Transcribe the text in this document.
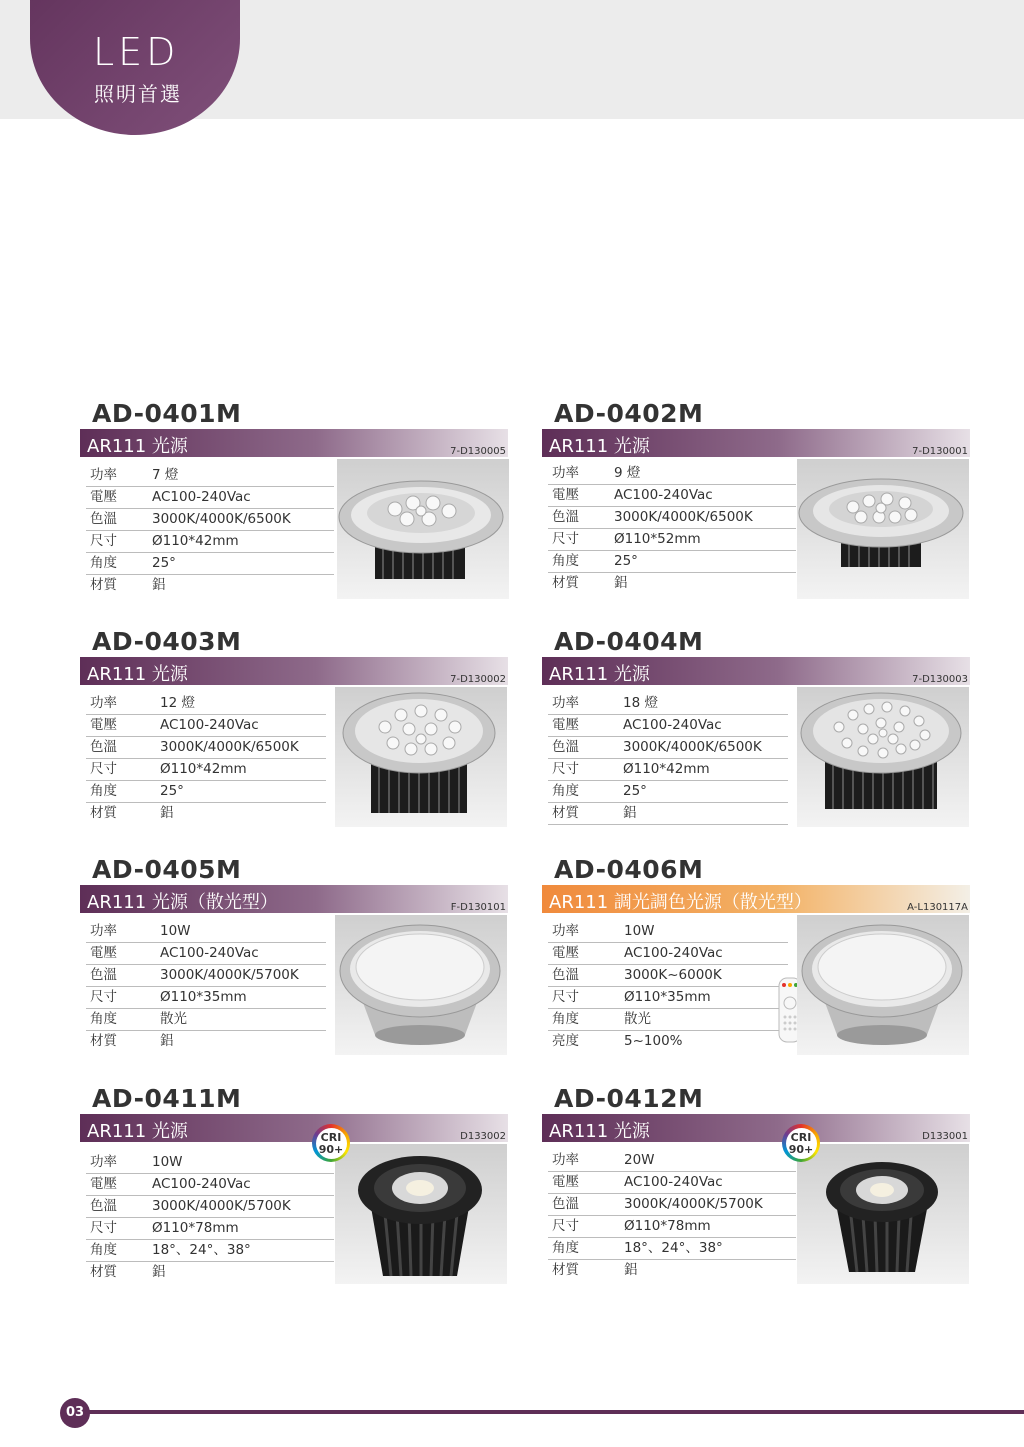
LED
照明首選
AD-0401M
AR111 光源	7-D130005
功率	7 燈
電壓	AC100-240Vac
色溫	3000K/4000K/6500K
尺寸	Ø110*42mm
角度	25°
材質	鋁
AD-0402M
AR111 光源	7-D130001
功率	9 燈
電壓	AC100-240Vac
色溫	3000K/4000K/6500K
尺寸	Ø110*52mm
角度	25°
材質	鋁
AD-0403M
AR111 光源	7-D130002
功率	12 燈
電壓	AC100-240Vac
色溫	3000K/4000K/6500K
尺寸	Ø110*42mm
角度	25°
材質	鋁
AD-0404M
AR111 光源	7-D130003
功率	18 燈
電壓	AC100-240Vac
色溫	3000K/4000K/6500K
尺寸	Ø110*42mm
角度	25°
材質	鋁
AD-0405M
AR111 光源（散光型）	F-D130101
功率	10W
電壓	AC100-240Vac
色溫	3000K/4000K/5700K
尺寸	Ø110*35mm
角度	散光
材質	鋁
AD-0406M
AR111 調光調色光源（散光型）	A-L130117A
功率	10W
電壓	AC100-240Vac
色溫	3000K~6000K
尺寸	Ø110*35mm
角度	散光
亮度	5~100%
AD-0411M
AR111 光源	D133002
功率	10W
電壓	AC100-240Vac
色溫	3000K/4000K/5700K
尺寸	Ø110*78mm
角度	18°、24°、38°
材質	鋁
CRI
90+
AD-0412M
AR111 光源	D133001
功率	20W
電壓	AC100-240Vac
色溫	3000K/4000K/5700K
尺寸	Ø110*78mm
角度	18°、24°、38°
材質	鋁
CRI
90+
03
